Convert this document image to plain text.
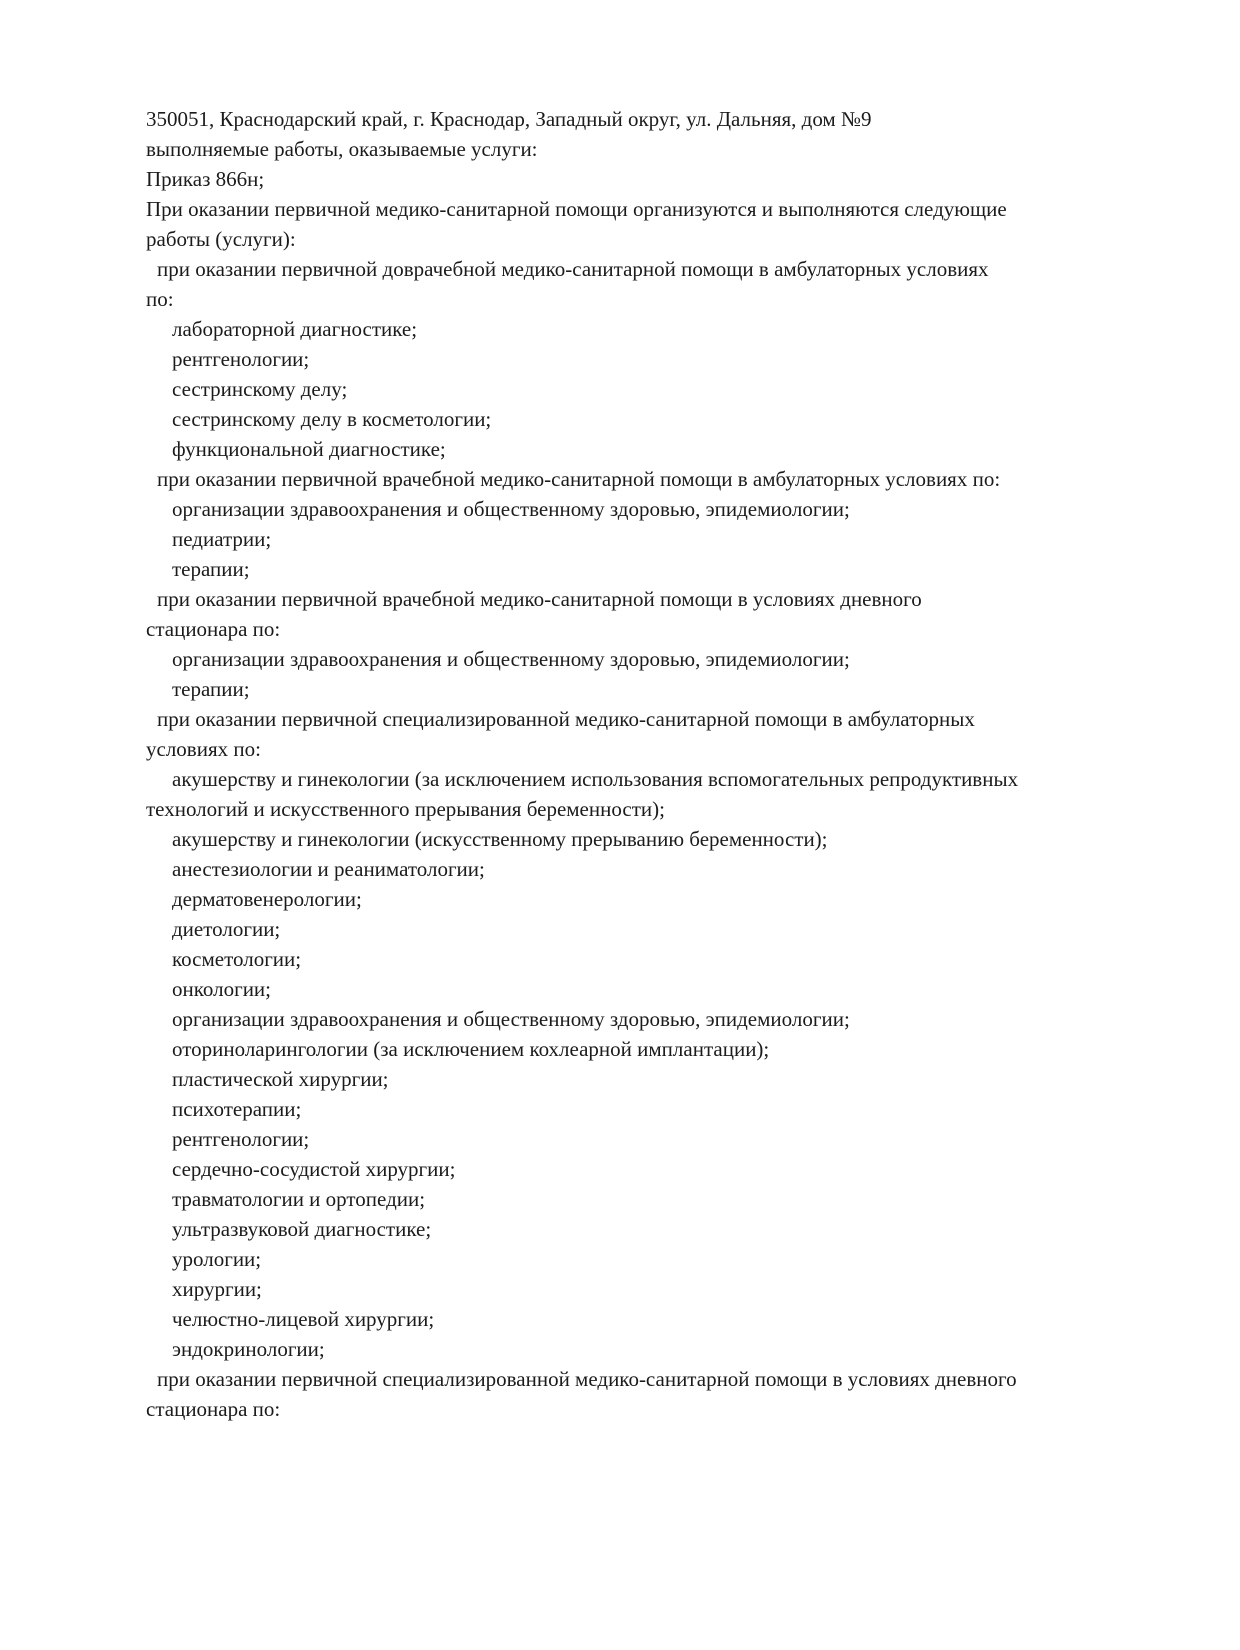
350051, Краснодарский край, г. Краснодар, Западный округ, ул. Дальняя, дом №9
выполняемые работы, оказываемые услуги:
Приказ 866н;
При оказании первичной медико-санитарной помощи организуются и выполняются следующие
работы (услуги):
при оказании первичной доврачебной медико-санитарной помощи в амбулаторных условиях
по:
лабораторной диагностике;
рентгенологии;
сестринскому делу;
сестринскому делу в косметологии;
функциональной диагностике;
при оказании первичной врачебной медико-санитарной помощи в амбулаторных условиях по:
организации здравоохранения и общественному здоровью, эпидемиологии;
педиатрии;
терапии;
при оказании первичной врачебной медико-санитарной помощи в условиях дневного
стационара по:
организации здравоохранения и общественному здоровью, эпидемиологии;
терапии;
при оказании первичной специализированной медико-санитарной помощи в амбулаторных
условиях по:
акушерству и гинекологии (за исключением использования вспомогательных репродуктивных
технологий и искусственного прерывания беременности);
акушерству и гинекологии (искусственному прерыванию беременности);
анестезиологии и реаниматологии;
дерматовенерологии;
диетологии;
косметологии;
онкологии;
организации здравоохранения и общественному здоровью, эпидемиологии;
оториноларингологии (за исключением кохлеарной имплантации);
пластической хирургии;
психотерапии;
рентгенологии;
сердечно-сосудистой хирургии;
травматологии и ортопедии;
ультразвуковой диагностике;
урологии;
хирургии;
челюстно-лицевой хирургии;
эндокринологии;
при оказании первичной специализированной медико-санитарной помощи в условиях дневного
стационара по:
